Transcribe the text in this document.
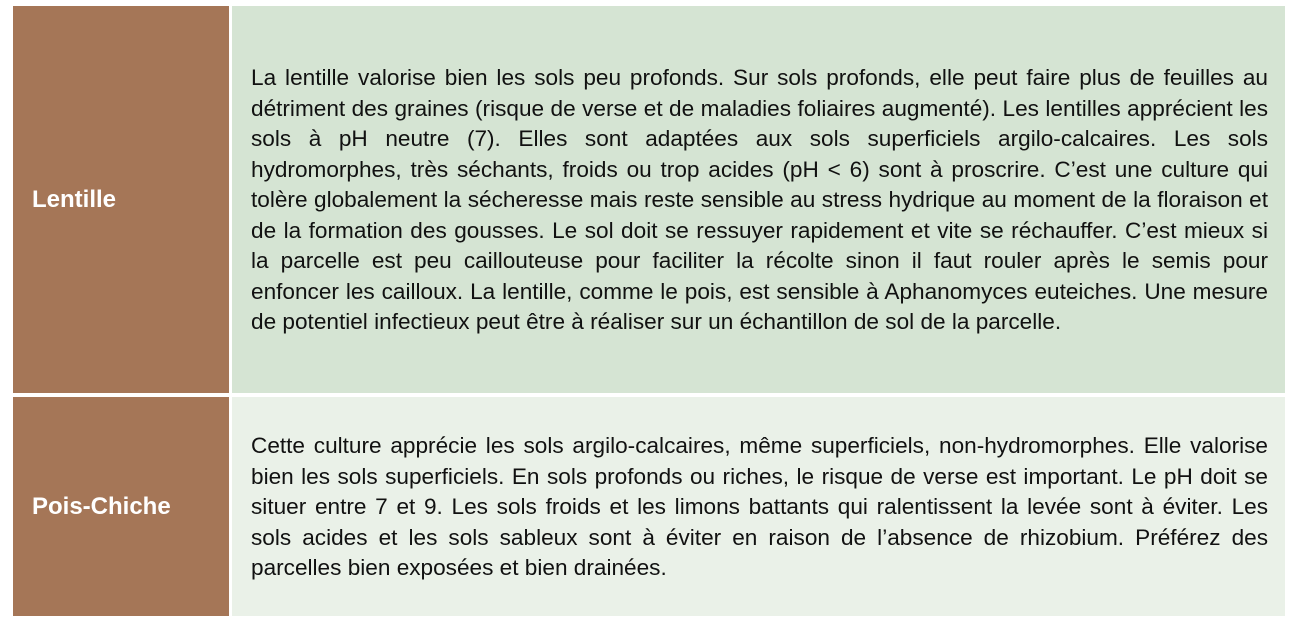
Lentille

La lentille valorise bien les sols peu profonds. Sur sols profonds, elle peut faire plus de feuilles au détriment des graines (risque de verse et de maladies foliaires augmenté). Les lentilles apprécient les sols à pH neutre (7). Elles sont adaptées aux sols superficiels argilo-calcaires. Les sols hydromorphes, très séchants, froids ou trop acides (pH < 6) sont à proscrire. C’est une culture qui tolère globalement la sécheresse mais reste sensible au stress hydrique au moment de la floraison et de la formation des gousses. Le sol doit se ressuyer rapidement et vite se réchauffer. C’est mieux si la parcelle est peu caillouteuse pour faciliter la récolte sinon il faut rouler après le semis pour enfoncer les cailloux. La lentille, comme le pois, est sensible à Aphanomyces euteiches. Une mesure de potentiel infectieux peut être à réaliser sur un échantillon de sol de la parcelle.

Pois-Chiche

Cette culture apprécie les sols argilo-calcaires, même superficiels, non-hydromorphes. Elle valorise bien les sols superficiels. En sols profonds ou riches, le risque de verse est important. Le pH doit se situer entre 7 et 9. Les sols froids et les limons battants qui ralentissent la levée sont à éviter. Les sols acides et les sols sableux sont à éviter en raison de l’absence de rhizobium. Préférez des parcelles bien exposées et bien drainées.
